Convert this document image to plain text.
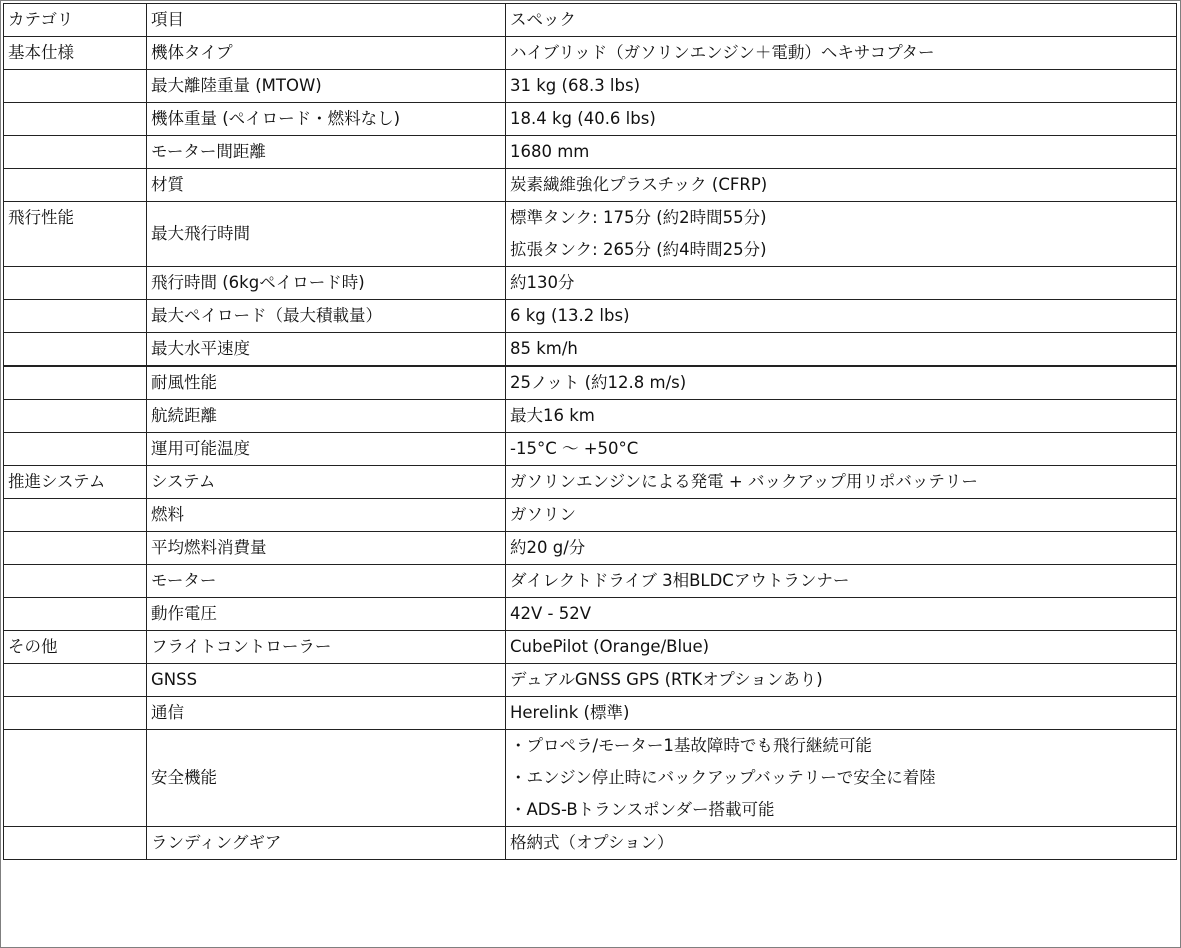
カテゴリ	項目	スペック
基本仕様	機体タイプ	ハイブリッド（ガソリンエンジン＋電動）ヘキサコプター
	最大離陸重量 (MTOW)	31 kg (68.3 lbs)
	機体重量 (ペイロード・燃料なし)	18.4 kg (40.6 lbs)
	モーター間距離	1680 mm
	材質	炭素繊維強化プラスチック (CFRP)
飛行性能	最大飛行時間	標準タンク: 175分 (約2時間55分)
拡張タンク: 265分 (約4時間25分)

	飛行時間 (6kgペイロード時)	約130分
	最大ペイロード（最大積載量）	6 kg (13.2 lbs)
	最大水平速度	85 km/h
	耐風性能	25ノット (約12.8 m/s)
	航続距離	最大16 km
	運用可能温度	-15°C ～ +50°C
推進システム	システム	ガソリンエンジンによる発電 + バックアップ用リポバッテリー
	燃料	ガソリン
	平均燃料消費量	約20 g/分
	モーター	ダイレクトドライブ 3相BLDCアウトランナー
	動作電圧	42V - 52V
その他	フライトコントローラー	CubePilot (Orange/Blue)
	GNSS	デュアルGNSS GPS (RTKオプションあり)
	通信	Herelink (標準)
	安全機能	・プロペラ/モーター1基故障時でも飛行継続可能
・エンジン停止時にバックアップバッテリーで安全に着陸
・ADS-Bトランスポンダー搭載可能

	ランディングギア	格納式（オプション）
